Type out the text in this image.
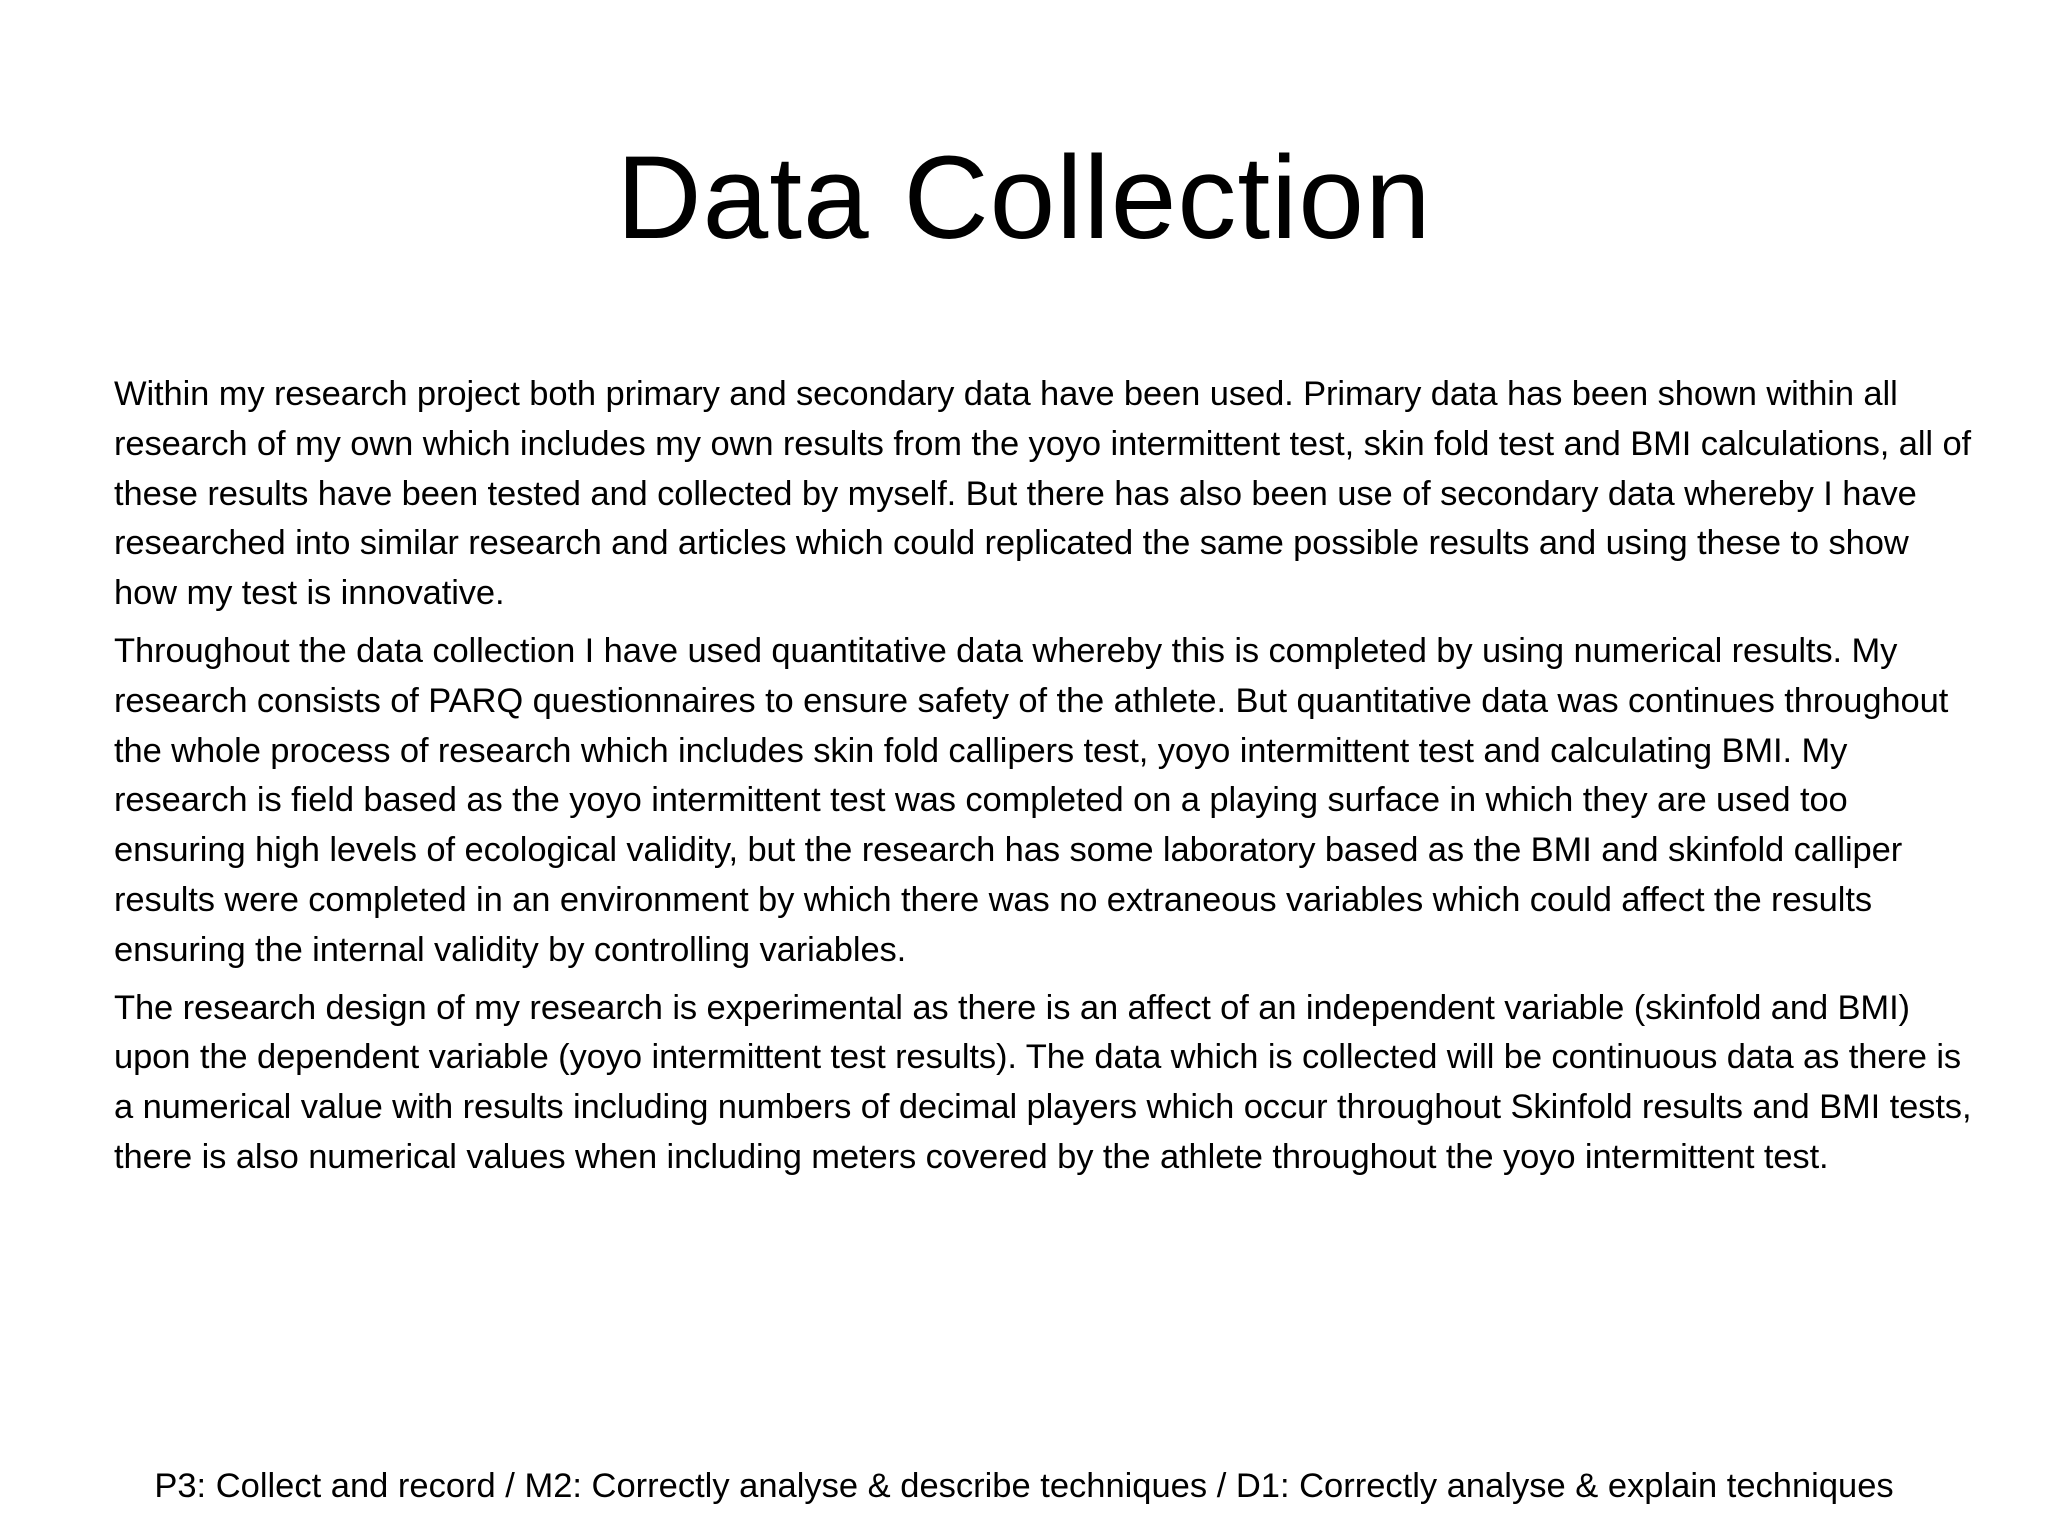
Data Collection

Within my research project both primary and secondary data have been used. Primary data has been shown within all research of my own which includes my own results from the yoyo intermittent test, skin fold test and BMI calculations, all of these results have been tested and collected by myself. But there has also been use of secondary data whereby I have researched into similar research and articles which could replicated the same possible results and using these to show how my test is innovative.

Throughout the data collection I have used quantitative data whereby this is completed by using numerical results. My research consists of PARQ questionnaires to ensure safety of the athlete. But quantitative data was continues throughout the whole process of research which includes skin fold callipers test, yoyo intermittent test and calculating BMI. My research is field based as the yoyo intermittent test was completed on a playing surface in which they are used too ensuring high levels of ecological validity, but the research has some laboratory based as the BMI and skinfold calliper results were completed in an environment by which there was no extraneous variables which could affect the results ensuring the internal validity by controlling variables.

The research design of my research is experimental as there is an affect of an independent variable (skinfold and BMI) upon the dependent variable (yoyo intermittent test results). The data which is collected will be continuous data as there is a numerical value with results including numbers of decimal players which occur throughout Skinfold results and BMI tests, there is also numerical values when including meters covered by the athlete throughout the yoyo intermittent test.

P3: Collect and record / M2: Correctly analyse & describe techniques / D1: Correctly analyse & explain techniques
